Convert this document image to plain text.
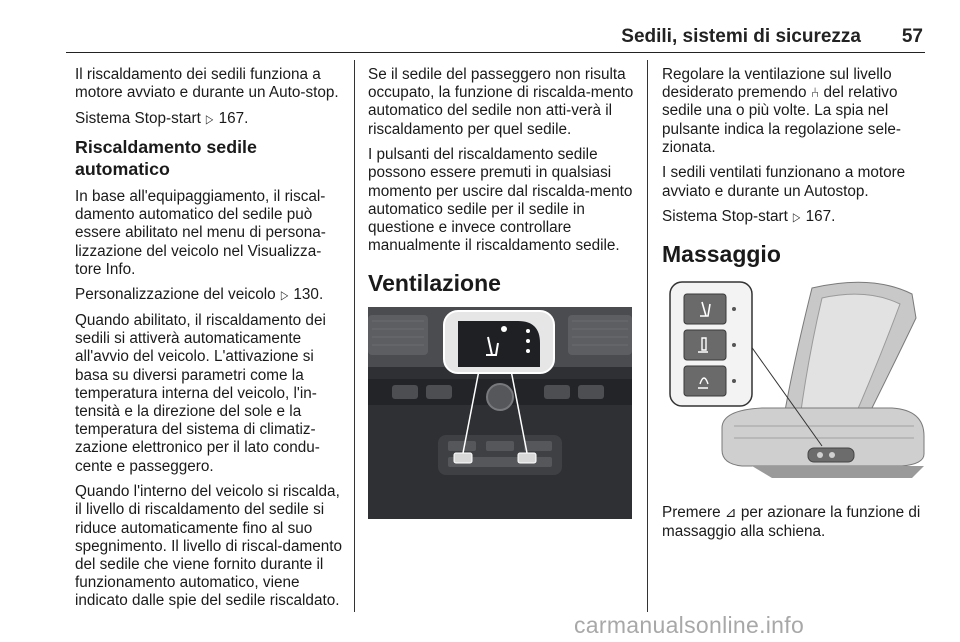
Sedili, sistemi di sicurezza 57

Il riscaldamento dei sedili funziona a motore avviato e durante un Auto-stop.

Sistema Stop-start ▷ 167.

Riscaldamento sedile automatico

In base all'equipaggiamento, il riscal-damento automatico del sedile può essere abilitato nel menu di persona-lizzazione del veicolo nel Visualizza-tore Info.

Personalizzazione del veicolo ▷ 130.

Quando abilitato, il riscaldamento dei sedili si attiverà automaticamente all'avvio del veicolo. L'attivazione si basa su diversi parametri come la temperatura interna del veicolo, l'in-tensità e la direzione del sole e la temperatura del sistema di climatiz-zazione elettronico per il lato condu-cente e passeggero.

Quando l'interno del veicolo si riscalda, il livello di riscaldamento del sedile si riduce automaticamente fino al suo spegnimento. Il livello di riscal-damento del sedile che viene fornito durante il funzionamento automatico, viene indicato dalle spie del sedile riscaldato.

Se il sedile del passeggero non risulta occupato, la funzione di riscalda-mento automatico del sedile non atti-verà il riscaldamento per quel sedile.

I pulsanti del riscaldamento sedile possono essere premuti in qualsiasi momento per uscire dal riscalda-mento automatico sedile per il sedile in questione e invece controllare manualmente il riscaldamento sedile.

Ventilazione

Regolare la ventilazione sul livello desiderato premendo ⑃ del relativo sedile una o più volte. La spia nel pulsante indica la regolazione sele-zionata.

I sedili ventilati funzionano a motore avviato e durante un Autostop.

Sistema Stop-start ▷ 167.

Massaggio

Premere ⊿ per azionare la funzione di massaggio alla schiena.

carmanualsonline.info
